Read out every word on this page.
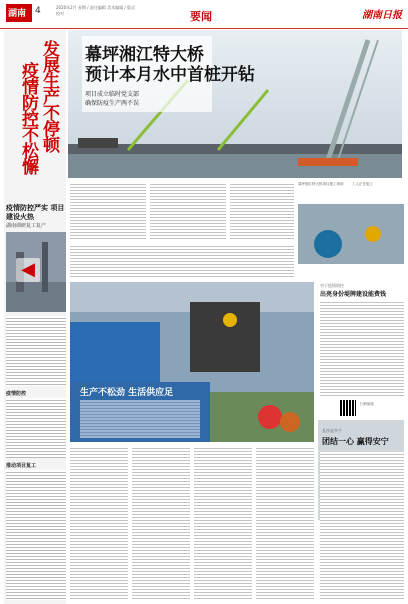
湖南 4	2020年2月 星期 / 责任编辑 美术编辑 / 版式 校对	要闻	湖南日报
发展生产不停顿
疫情防控不松懈
疫情防控严实 项目建设火热
湖南调研复工复产
◀
疫情防控
推动项目复工
幕坪湘江特大桥
预计本月水中首桩开钻
项目成立临时党支部
确保防疫生产两不误
幕坪湘江特大桥项目施工现场	工人正在施工
生产不松劲 生活供应足
对于疫情防控
出亮身份堤牌建设能费钱
扫码阅读
长沙县多个
团结一心 赢得安宁
